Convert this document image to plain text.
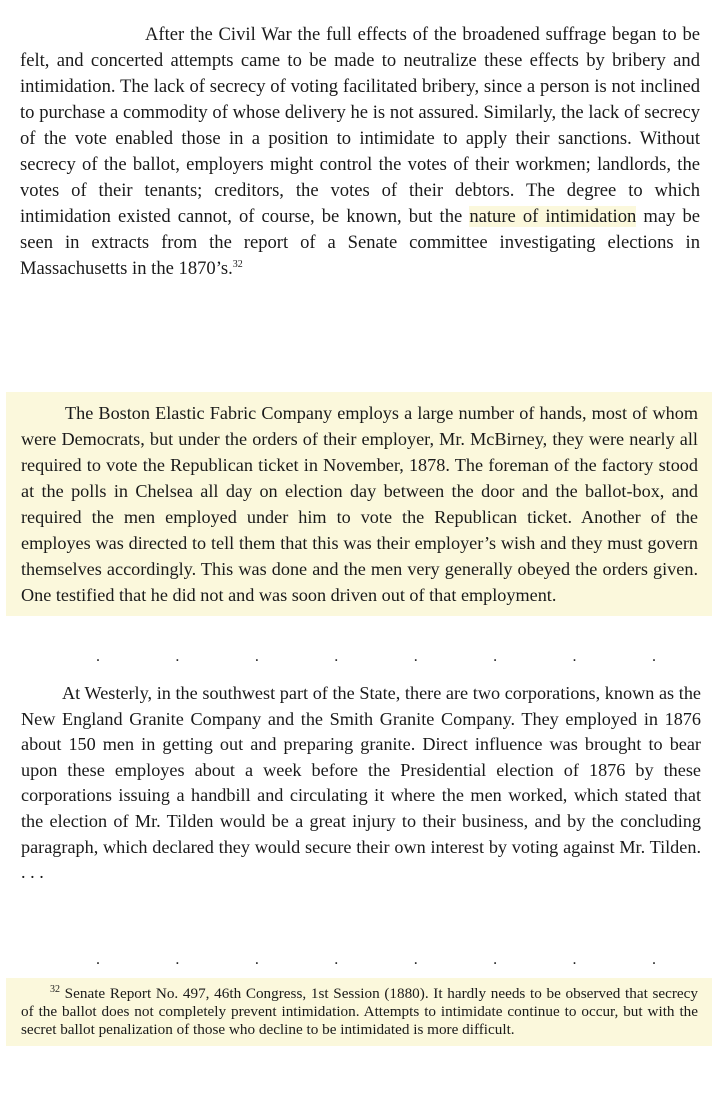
After the Civil War the full effects of the broadened suffrage began to be felt, and concerted attempts came to be made to neutralize these effects by bribery and intimidation. The lack of secrecy of voting facilitated bribery, since a person is not inclined to purchase a commodity of whose delivery he is not assured. Similarly, the lack of secrecy of the vote enabled those in a position to intimidate to apply their sanctions. Without secrecy of the ballot, employers might control the votes of their workmen; landlords, the votes of their tenants; creditors, the votes of their debtors. The degree to which intimidation existed cannot, of course, be known, but the nature of intimidation may be seen in extracts from the report of a Senate committee investigating elections in Massachusetts in the 1870’s.$^{32}$

The Boston Elastic Fabric Company employs a large number of hands, most of whom were Democrats, but under the orders of their employer, Mr. McBirney, they were nearly all required to vote the Republican ticket in November, 1878. The foreman of the factory stood at the polls in Chelsea all day on election day between the door and the ballot-box, and required the men employed under him to vote the Republican ticket. Another of the employes was directed to tell them that this was their employer’s wish and they must govern themselves accordingly. This was done and the men very generally obeyed the orders given. One testified that he did not and was soon driven out of that employment.

.	.	.	.	.	.	.	.

At Westerly, in the southwest part of the State, there are two corporations, known as the New England Granite Company and the Smith Granite Company. They employed in 1876 about 150 men in getting out and preparing granite. Direct influence was brought to bear upon these employes about a week before the Presidential election of 1876 by these corporations issuing a handbill and circulating it where the men worked, which stated that the election of Mr. Tilden would be a great injury to their business, and by the concluding paragraph, which declared they would secure their own interest by voting against Mr. Tilden. . . .

.	.	.	.	.	.	.	.

$^{32}$ Senate Report No. 497, 46th Congress, 1st Session (1880). It hardly needs to be observed that secrecy of the ballot does not completely prevent intimidation. Attempts to intimidate continue to occur, but with the secret ballot penalization of those who decline to be intimidated is more difficult.
